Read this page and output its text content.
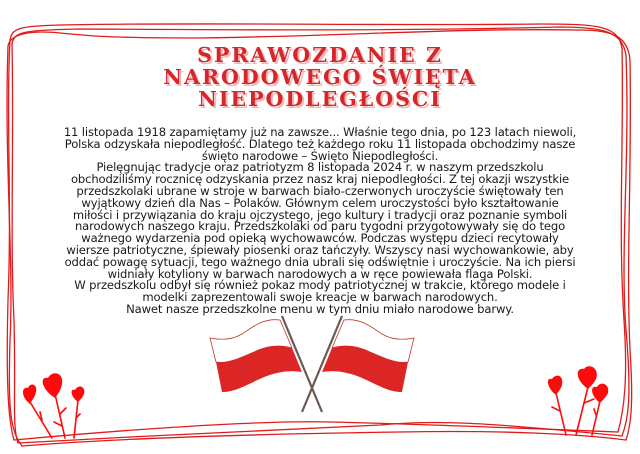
SPRAWOZDANIE Z
NARODOWEGO ŚWIĘTA
NIEPODLEGŁOŚCI
11 listopada 1918 zapamiętamy już na zawsze... Właśnie tego dnia, po 123 latach niewoli,
Polska odzyskała niepodległość. Dlatego też każdego roku 11 listopada obchodzimy nasze
święto narodowe – Święto Niepodległości.
Pielęgnując tradycje oraz patriotyzm 8 listopada 2024 r. w naszym przedszkolu
obchodziliśmy rocznicę odzyskania przez nasz kraj niepodległości. Z tej okazji wszystkie
przedszkolaki ubrane w stroje w barwach biało-czerwonych uroczyście świętowały ten
wyjątkowy dzień dla Nas – Polaków. Głównym celem uroczystości było kształtowanie
miłości i przywiązania do kraju ojczystego, jego kultury i tradycji oraz poznanie symboli
narodowych naszego kraju. Przedszkolaki od paru tygodni przygotowywały się do tego
ważnego wydarzenia pod opieką wychowawców. Podczas występu dzieci recytowały
wiersze patriotyczne, śpiewały piosenki oraz tańczyły. Wszyscy nasi wychowankowie, aby
oddać powagę sytuacji, tego ważnego dnia ubrali się odświętnie i uroczyście. Na ich piersi
widniały kotyliony w barwach narodowych a w ręce powiewała flaga Polski.
W przedszkolu odbył się również pokaz mody patriotycznej w trakcie, którego modele i
modelki zaprezentowali swoje kreacje w barwach narodowych.
Nawet nasze przedszkolne menu w tym dniu miało narodowe barwy.
